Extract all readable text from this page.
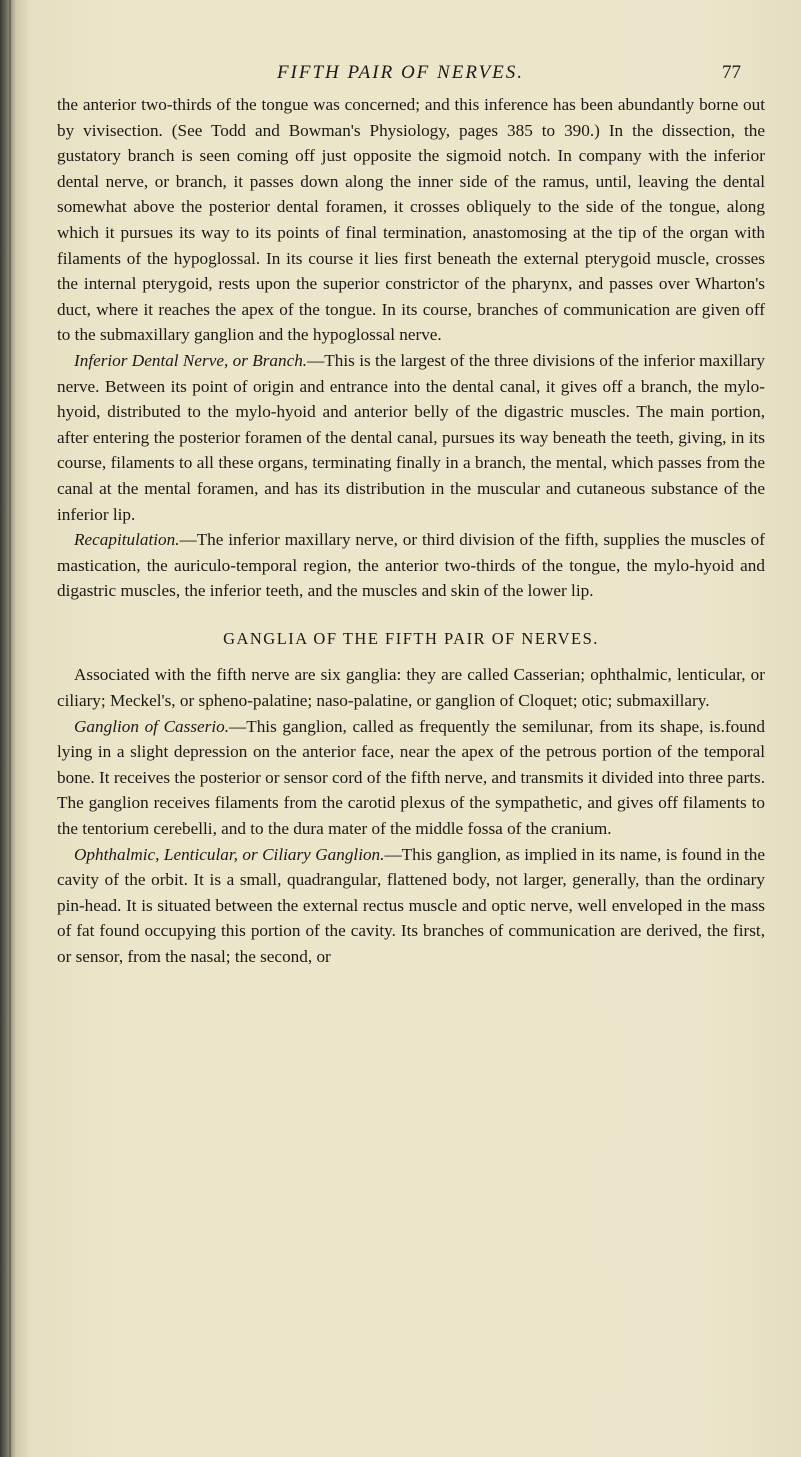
FIFTH PAIR OF NERVES.	77

the anterior two-thirds of the tongue was concerned; and this inference has been abundantly borne out by vivisection. (See Todd and Bowman's Physiology, pages 385 to 390.) In the dissection, the gustatory branch is seen coming off just opposite the sigmoid notch. In company with the inferior dental nerve, or branch, it passes down along the inner side of the ramus, until, leaving the dental somewhat above the posterior dental foramen, it crosses obliquely to the side of the tongue, along which it pursues its way to its points of final termination, anastomosing at the tip of the organ with filaments of the hypoglossal. In its course it lies first beneath the external pterygoid muscle, crosses the internal pterygoid, rests upon the superior constrictor of the pharynx, and passes over Wharton's duct, where it reaches the apex of the tongue. In its course, branches of communication are given off to the submaxillary ganglion and the hypoglossal nerve.

Inferior Dental Nerve, or Branch.—This is the largest of the three divisions of the inferior maxillary nerve. Between its point of origin and entrance into the dental canal, it gives off a branch, the mylo-hyoid, distributed to the mylo-hyoid and anterior belly of the digastric muscles. The main portion, after entering the posterior foramen of the dental canal, pursues its way beneath the teeth, giving, in its course, filaments to all these organs, terminating finally in a branch, the mental, which passes from the canal at the mental foramen, and has its distribution in the muscular and cutaneous substance of the inferior lip.

Recapitulation.—The inferior maxillary nerve, or third division of the fifth, supplies the muscles of mastication, the auriculo-temporal region, the anterior two-thirds of the tongue, the mylo-hyoid and digastric muscles, the inferior teeth, and the muscles and skin of the lower lip.

GANGLIA OF THE FIFTH PAIR OF NERVES.

Associated with the fifth nerve are six ganglia: they are called Casserian; ophthalmic, lenticular, or ciliary; Meckel's, or spheno-palatine; naso-palatine, or ganglion of Cloquet; otic; submaxillary.

Ganglion of Casserio.—This ganglion, called as frequently the semilunar, from its shape, is.found lying in a slight depression on the anterior face, near the apex of the petrous portion of the temporal bone. It receives the posterior or sensor cord of the fifth nerve, and transmits it divided into three parts. The ganglion receives filaments from the carotid plexus of the sympathetic, and gives off filaments to the tentorium cerebelli, and to the dura mater of the middle fossa of the cranium.

Ophthalmic, Lenticular, or Ciliary Ganglion.—This ganglion, as implied in its name, is found in the cavity of the orbit. It is a small, quadrangular, flattened body, not larger, generally, than the ordinary pin-head. It is situated between the external rectus muscle and optic nerve, well enveloped in the mass of fat found occupying this portion of the cavity. Its branches of communication are derived, the first, or sensor, from the nasal; the second, or
